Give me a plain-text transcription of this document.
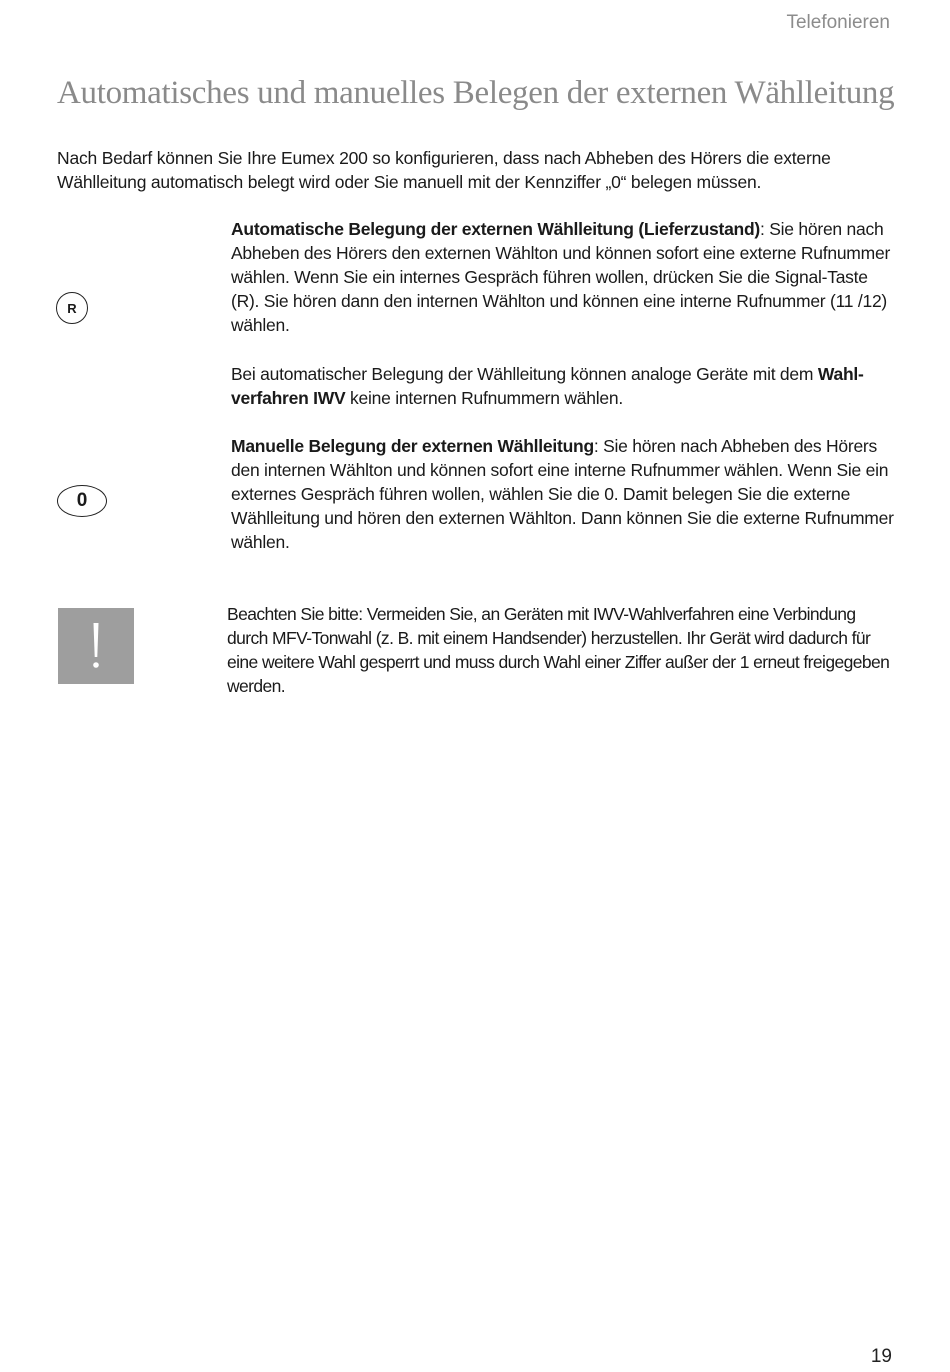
Telefonieren
Automatisches und manuelles Belegen der externen Wählleitung

Nach Bedarf können Sie Ihre Eumex 200 so konfigurieren, dass nach Abheben des Hörers die externe Wählleitung automatisch belegt wird oder Sie manuell mit der Kennziffer „0“ belegen müssen.

R

Automatische Belegung der externen Wählleitung (Lieferzustand): Sie hören nach Abheben des Hörers den externen Wählton und können sofort eine externe Rufnummer wählen. Wenn Sie ein internes Gespräch führen wollen, drücken Sie die Signal-Taste (R). Sie hören dann den internen Wählton und können eine interne Rufnummer (11 /12) wählen.

Bei automatischer Belegung der Wählleitung können analoge Geräte mit dem Wahlverfahren IWV keine internen Rufnummern wählen.

0

Manuelle Belegung der externen Wählleitung: Sie hören nach Abheben des Hörers den internen Wählton und können sofort eine interne Rufnummer wählen. Wenn Sie ein externes Gespräch führen wollen, wählen Sie die 0. Damit belegen Sie die externe Wählleitung und hören den externen Wählton. Dann können Sie die externe Rufnummer wählen.

Beachten Sie bitte: Vermeiden Sie, an Geräten mit IWV-Wahlverfahren eine Verbindung durch MFV-Tonwahl (z. B. mit einem Handsender) herzustellen. Ihr Gerät wird dadurch für eine weitere Wahl gesperrt und muss durch Wahl einer Ziffer außer der 1 erneut freigegeben werden.

19
